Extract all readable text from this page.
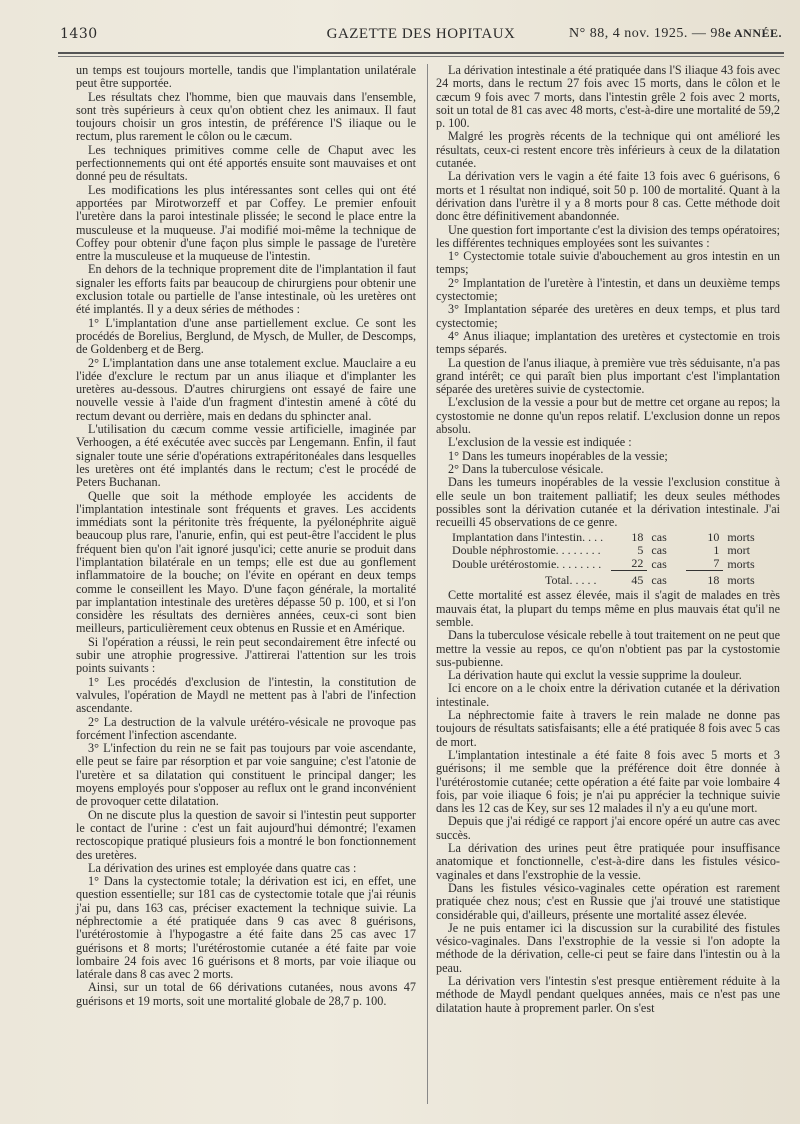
1430	GAZETTE DES HOPITAUX	N° 88, 4 nov. 1925. — 98e ANNÉE.

un temps est toujours mortelle, tandis que l'implantation unilatérale peut être supportée.

Les résultats chez l'homme, bien que mauvais dans l'ensemble, sont très supérieurs à ceux qu'on obtient chez les animaux. Il faut toujours choisir un gros intestin, de préférence l'S iliaque ou le rectum, plus rarement le côlon ou le cæcum.

Les techniques primitives comme celle de Chaput avec les perfectionnements qui ont été apportés ensuite sont mauvaises et ont donné peu de résultats.

Les modifications les plus intéressantes sont celles qui ont été apportées par Mirotworzeff et par Coffey. Le premier enfouit l'uretère dans la paroi intestinale plissée; le second le place entre la musculeuse et la muqueuse. J'ai modifié moi-même la technique de Coffey pour obtenir d'une façon plus simple le passage de l'uretère entre la musculeuse et la muqueuse de l'intestin.

En dehors de la technique proprement dite de l'implantation il faut signaler les efforts faits par beaucoup de chirurgiens pour obtenir une exclusion totale ou partielle de l'anse intestinale, où les uretères ont été implantés. Il y a deux séries de méthodes :

1° L'implantation d'une anse partiellement exclue. Ce sont les procédés de Borelius, Berglund, de Mysch, de Muller, de Descomps, de Goldenberg et de Berg.

2° L'implantation dans une anse totalement exclue. Mauclaire a eu l'idée d'exclure le rectum par un anus iliaque et d'implanter les uretères au-dessous. D'autres chirurgiens ont essayé de faire une nouvelle vessie à l'aide d'un fragment d'intestin amené à côté du rectum devant ou derrière, mais en dedans du sphincter anal.

L'utilisation du cæcum comme vessie artificielle, imaginée par Verhoogen, a été exécutée avec succès par Lengemann. Enfin, il faut signaler toute une série d'opérations extrapéritonéales dans lesquelles les uretères ont été implantés dans le rectum; c'est le procédé de Peters Buchanan.

Quelle que soit la méthode employée les accidents de l'implantation intestinale sont fréquents et graves. Les accidents immédiats sont la péritonite très fréquente, la pyélonéphrite aiguë beaucoup plus rare, l'anurie, enfin, qui est peut-être l'accident le plus fréquent bien qu'on l'ait ignoré jusqu'ici; cette anurie se produit dans l'implantation bilatérale en un temps; elle est due au gonflement inflammatoire de la bouche; on l'évite en opérant en deux temps comme le conseillent les Mayo. D'une façon générale, la mortalité par implantation intestinale des uretères dépasse 50 p. 100, et si l'on considère les résultats des dernières années, ceux-ci sont bien meilleurs, particulièrement ceux obtenus en Russie et en Amérique.

Si l'opération a réussi, le rein peut secondairement être infecté ou subir une atrophie progressive. J'attirerai l'attention sur les trois points suivants :

1° Les procédés d'exclusion de l'intestin, la constitution de valvules, l'opération de Maydl ne mettent pas à l'abri de l'infection ascendante.

2° La destruction de la valvule urétéro-vésicale ne provoque pas forcément l'infection ascendante.

3° L'infection du rein ne se fait pas toujours par voie ascendante, elle peut se faire par résorption et par voie sanguine; c'est l'atonie de l'uretère et sa dilatation qui constituent le principal danger; les moyens employés pour s'opposer au reflux ont le grand inconvénient de provoquer cette dilatation.

On ne discute plus la question de savoir si l'intestin peut supporter le contact de l'urine : c'est un fait aujourd'hui démontré; l'examen rectoscopique pratiqué plusieurs fois a montré le bon fonctionnement des uretères.

La dérivation des urines est employée dans quatre cas :

1° Dans la cystectomie totale; la dérivation est ici, en effet, une question essentielle; sur 181 cas de cystectomie totale que j'ai réunis j'ai pu, dans 163 cas, préciser exactement la technique suivie. La néphrectomie a été pratiquée dans 9 cas avec 8 guérisons, l'urétérostomie à l'hypogastre a été faite dans 25 cas avec 17 guérisons et 8 morts; l'urétérostomie cutanée a été faite par voie lombaire 24 fois avec 16 guérisons et 8 morts, par voie iliaque ou latérale dans 8 cas avec 2 morts.

Ainsi, sur un total de 66 dérivations cutanées, nous avons 47 guérisons et 19 morts, soit une mortalité globale de 28,7 p. 100.

La dérivation intestinale a été pratiquée dans l'S iliaque 43 fois avec 24 morts, dans le rectum 27 fois avec 15 morts, dans le côlon et le cæcum 9 fois avec 7 morts, dans l'intestin grêle 2 fois avec 2 morts, soit un total de 81 cas avec 48 morts, c'est-à-dire une mortalité de 59,2 p. 100.

Malgré les progrès récents de la technique qui ont amélioré les résultats, ceux-ci restent encore très inférieurs à ceux de la dilatation cutanée.

La dérivation vers le vagin a été faite 13 fois avec 6 guérisons, 6 morts et 1 résultat non indiqué, soit 50 p. 100 de mortalité. Quant à la dérivation dans l'urètre il y a 8 morts pour 8 cas. Cette méthode doit donc être définitivement abandonnée.

Une question fort importante c'est la division des temps opératoires; les différentes techniques employées sont les suivantes :

1° Cystectomie totale suivie d'abouchement au gros intestin en un temps;

2° Implantation de l'uretère à l'intestin, et dans un deuxième temps cystectomie;

3° Implantation séparée des uretères en deux temps, et plus tard cystectomie;

4° Anus iliaque; implantation des uretères et cystectomie en trois temps séparés.

La question de l'anus iliaque, à première vue très séduisante, n'a pas grand intérêt; ce qui paraît bien plus important c'est l'implantation séparée des uretères suivie de cystectomie.

L'exclusion de la vessie a pour but de mettre cet organe au repos; la cystostomie ne donne qu'un repos relatif. L'exclusion donne un repos absolu.

L'exclusion de la vessie est indiquée :

1° Dans les tumeurs inopérables de la vessie;

2° Dans la tuberculose vésicale.

Dans les tumeurs inopérables de la vessie l'exclusion constitue à elle seule un bon traitement palliatif; les deux seules méthodes possibles sont la dérivation cutanée et la dérivation intestinale. J'ai recueilli 45 observations de ce genre.

Implantation dans l'intestin. . . .	18	cas	10	morts
Double néphrostomie. . . . . . . .	5	cas	1	mort
Double urétérostomie. . . . . . . .	22	cas	7	morts
Total. . . . .	45	cas	18	morts

Cette mortalité est assez élevée, mais il s'agit de malades en très mauvais état, la plupart du temps même en plus mauvais état qu'il ne semble.

Dans la tuberculose vésicale rebelle à tout traitement on ne peut que mettre la vessie au repos, ce qu'on n'obtient pas par la cystostomie sus-pubienne.

La dérivation haute qui exclut la vessie supprime la douleur.

Ici encore on a le choix entre la dérivation cutanée et la dérivation intestinale.

La néphrectomie faite à travers le rein malade ne donne pas toujours de résultats satisfaisants; elle a été pratiquée 8 fois avec 5 cas de mort.

L'implantation intestinale a été faite 8 fois avec 5 morts et 3 guérisons; il me semble que la préférence doit être donnée à l'urétérostomie cutanée; cette opération a été faite par voie lombaire 4 fois, par voie iliaque 6 fois; je n'ai pu apprécier la technique suivie dans les 12 cas de Key, sur ses 12 malades il n'y a eu qu'une mort.

Depuis que j'ai rédigé ce rapport j'ai encore opéré un autre cas avec succès.

La dérivation des urines peut être pratiquée pour insuffisance anatomique et fonctionnelle, c'est-à-dire dans les fistules vésico-vaginales et dans l'exstrophie de la vessie.

Dans les fistules vésico-vaginales cette opération est rarement pratiquée chez nous; c'est en Russie que j'ai trouvé une statistique considérable qui, d'ailleurs, présente une mortalité assez élevée.

Je ne puis entamer ici la discussion sur la curabilité des fistules vésico-vaginales. Dans l'exstrophie de la vessie si l'on adopte la méthode de la dérivation, celle-ci peut se faire dans l'intestin ou à la peau.

La dérivation vers l'intestin s'est presque entièrement réduite à la méthode de Maydl pendant quelques années, mais ce n'est pas une dilatation haute à proprement parler. On s'est
